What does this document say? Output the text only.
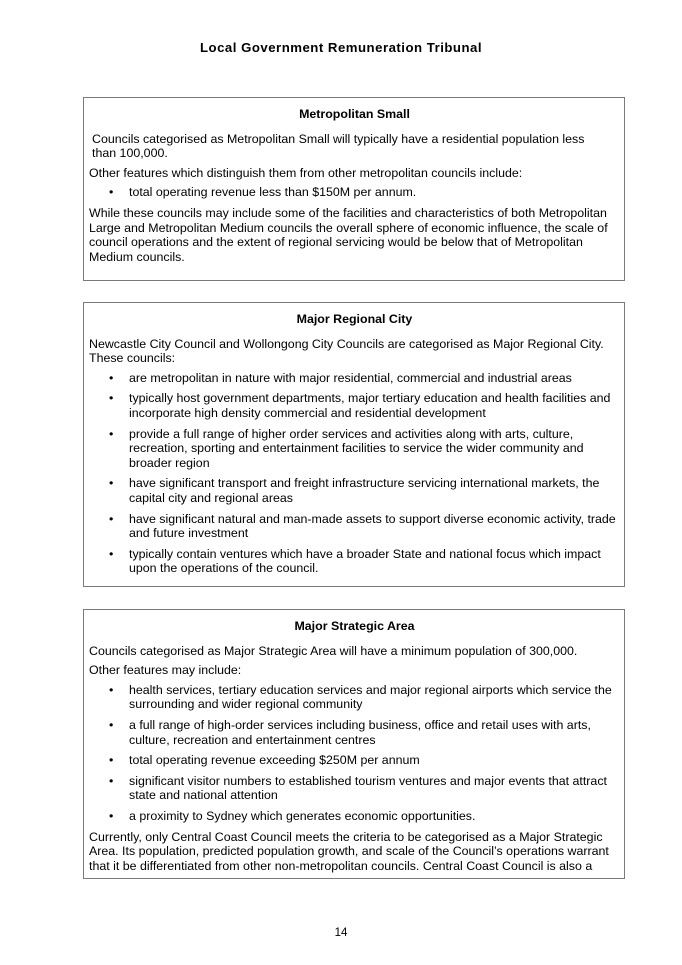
Local Government Remuneration Tribunal
Metropolitan Small

Councils categorised as Metropolitan Small will typically have a residential population less than 100,000.

Other features which distinguish them from other metropolitan councils include:

• total operating revenue less than $150M per annum.

While these councils may include some of the facilities and characteristics of both Metropolitan Large and Metropolitan Medium councils the overall sphere of economic influence, the scale of council operations and the extent of regional servicing would be below that of Metropolitan Medium councils.

Major Regional City

Newcastle City Council and Wollongong City Councils are categorised as Major Regional City. These councils:

• are metropolitan in nature with major residential, commercial and industrial areas
• typically host government departments, major tertiary education and health facilities and incorporate high density commercial and residential development
• provide a full range of higher order services and activities along with arts, culture, recreation, sporting and entertainment facilities to service the wider community and broader region
• have significant transport and freight infrastructure servicing international markets, the capital city and regional areas
• have significant natural and man-made assets to support diverse economic activity, trade and future investment
• typically contain ventures which have a broader State and national focus which impact upon the operations of the council.
Major Strategic Area

Councils categorised as Major Strategic Area will have a minimum population of 300,000.

Other features may include:

• health services, tertiary education services and major regional airports which service the surrounding and wider regional community
• a full range of high-order services including business, office and retail uses with arts, culture, recreation and entertainment centres
• total operating revenue exceeding $250M per annum
• significant visitor numbers to established tourism ventures and major events that attract state and national attention
• a proximity to Sydney which generates economic opportunities.

Currently, only Central Coast Council meets the criteria to be categorised as a Major Strategic Area. Its population, predicted population growth, and scale of the Council’s operations warrant that it be differentiated from other non-metropolitan councils. Central Coast Council is also a

14
